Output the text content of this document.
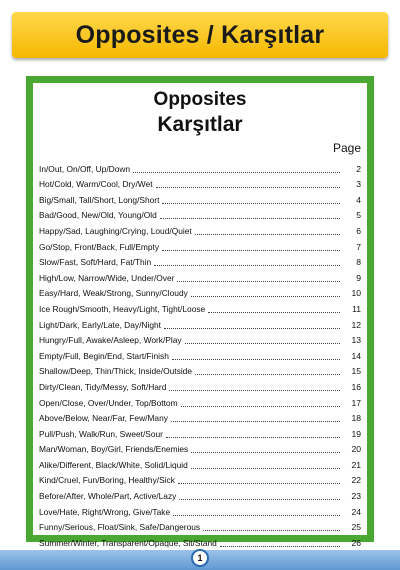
Opposites / Karşıtlar
Opposites
Karşıtlar
Page
In/Out, On/Off, Up/Down	2
Hot/Cold, Warm/Cool, Dry/Wet	3
Big/Small, Tall/Short, Long/Short	4
Bad/Good, New/Old, Young/Old	5
Happy/Sad, Laughing/Crying, Loud/Quiet	6
Go/Stop, Front/Back, Full/Empty	7
Slow/Fast, Soft/Hard, Fat/Thin	8
High/Low, Narrow/Wide, Under/Over	9
Easy/Hard, Weak/Strong, Sunny/Cloudy	10
Ice Rough/Smooth, Heavy/Light, Tight/Loose	11
Light/Dark, Early/Late, Day/Night	12
Hungry/Full, Awake/Asleep, Work/Play	13
Empty/Full, Begin/End, Start/Finish	14
Shallow/Deep, Thin/Thick, Inside/Outside	15
Dirty/Clean, Tidy/Messy, Soft/Hard	16
Open/Close, Over/Under, Top/Bottom	17
Above/Below, Near/Far, Few/Many	18
Pull/Push, Walk/Run, Sweet/Sour	19
Man/Woman, Boy/Girl, Friends/Enemies	20
Alike/Different, Black/White, Solid/Liquid	21
Kind/Cruel, Fun/Boring, Healthy/Sick	22
Before/After, Whole/Part, Active/Lazy	23
Love/Hate, Right/Wrong, Give/Take	24
Funny/Serious, Float/Sink, Safe/Dangerous	25
Summer/Winter, Transparent/Opaque, Sit/Stand	26
1
